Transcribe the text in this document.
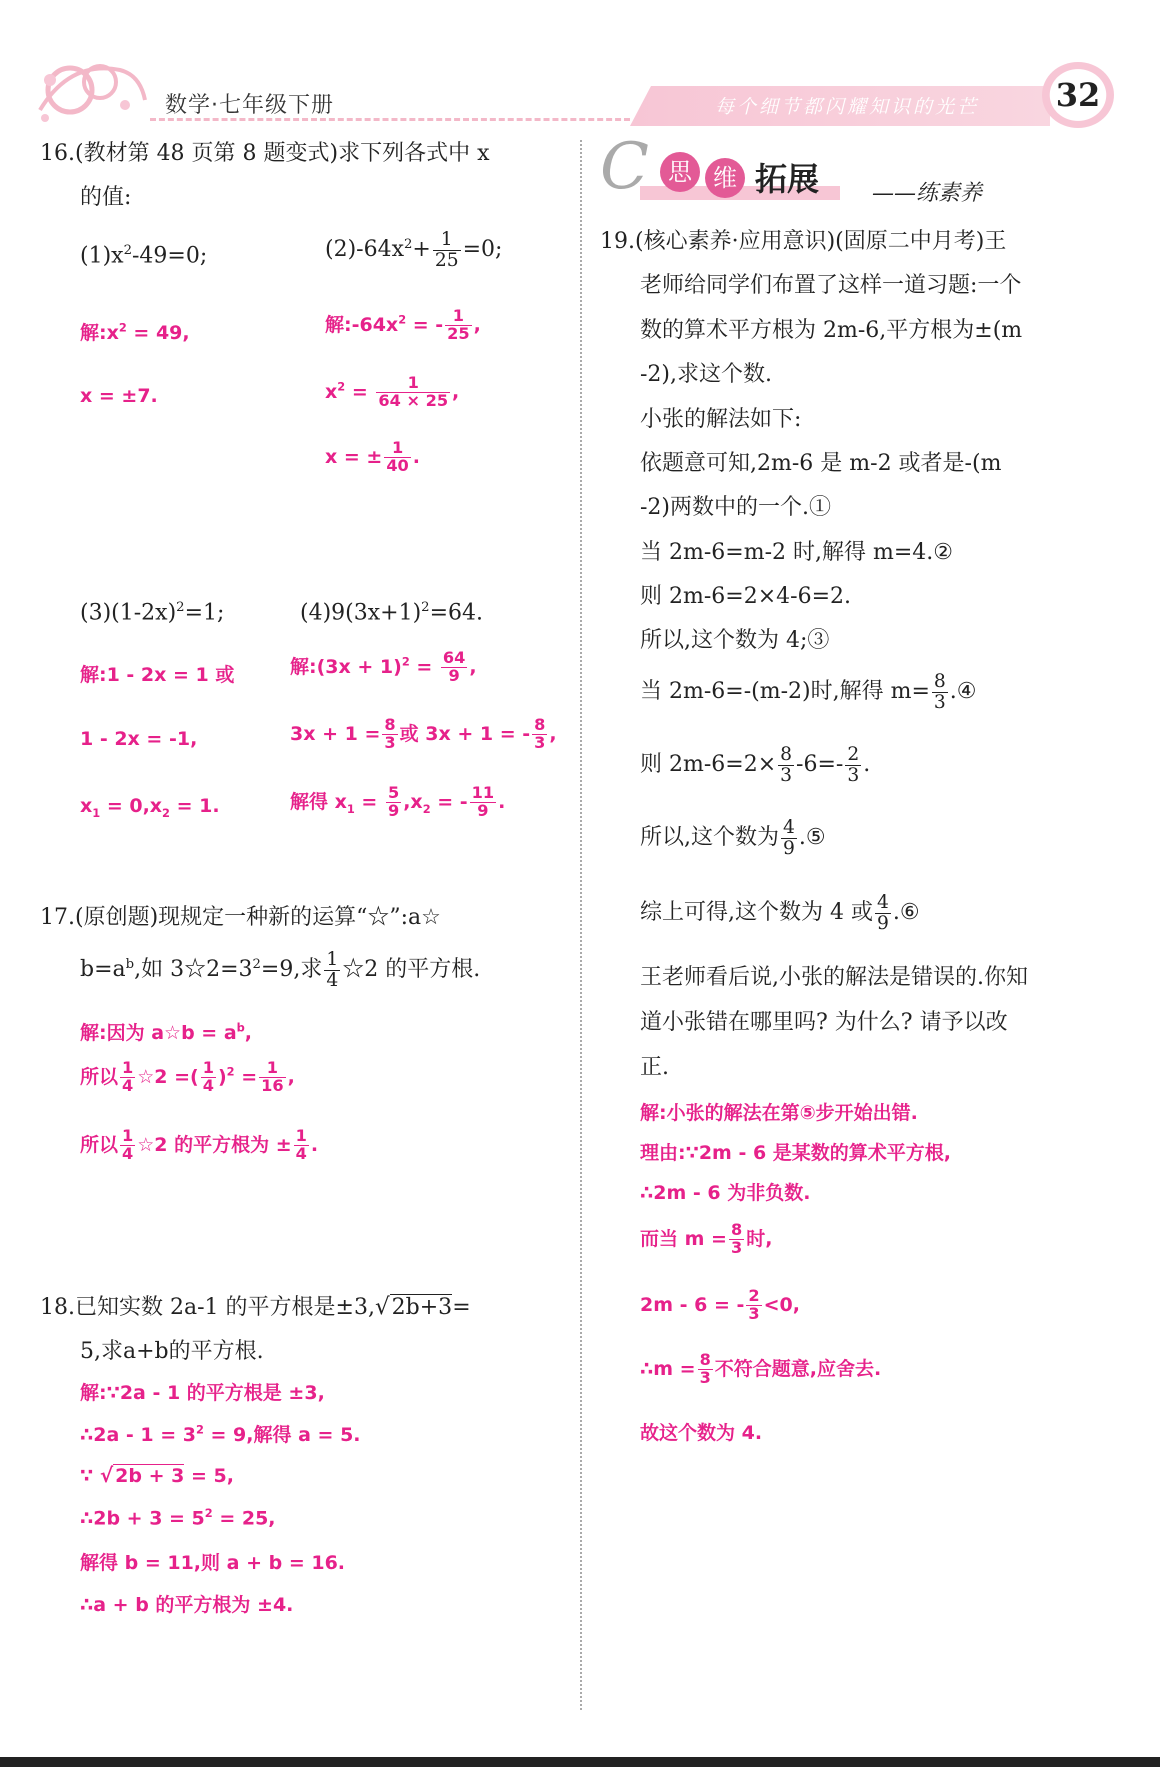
数学·七年级下册	每个细节都闪耀知识的光芒	32
C 思 维 拓展 ——练素养
16.(教材第 48 页第 8 题变式)求下列各式中 x
的值:
$(1)x^2-49=0$;	$(2)-64x^2+ \frac{1}{25} =0$;
解$:x^2 = 49$,
x = ±7.
解$:-64x^2$ = - $\frac{1}{25}$ ,
$x^2 = \frac{1}{64 \times 25}$ ,
x = ± $\frac{1}{40}$ .
$(3)(1-2x)^2=1$;	$(4)9(3x+1)^2=64$.
解:1 - 2x = 1 或
1 - 2x = -1,
$x_1 = 0,x_2 = 1$.
解:(3x + $1)^2 = \frac{64}{9}$ ,
$3x + 1 = \frac{8}{3}$ 或 3x + 1 = - $\frac{8}{3}$ ,
解得 $x_1 = \frac{5}{9} ,x_2$ = - $\frac{11}{9}$ .
17.(原创题)现规定一种新的运算“☆”:a☆
$b=a^b$,如 $3☆2=3^2=9$,求 $\frac{1}{4}$ ☆2 的平方根.
解:因为 a☆b = $a^b$,
所以 $\frac{1}{4}$ ☆2 =( $\frac{1}{4} )^2 = \frac{1}{16}$ ,
所以 $\frac{1}{4}$ ☆2 的平方根为 ± $\frac{1}{4}$ .
18.已知实数 2a-1 的平方根是±3,√2b+3=
5,求a+b的平方根.
解:∵2a - 1 的平方根是 ±3,
∴2a - $1 = 3^2 = 9$,解得 a = 5.
∵ √ 2b + 3 = 5,
∴2b + $3 = 5^2 = 25$,
解得 b = 11,则 a + b = 16.
∴a + b 的平方根为 ±4.
19.(核心素养·应用意识)(固原二中月考)王
老师给同学们布置了这样一道习题:一个
数的算术平方根为 2m-6,平方根为±(m
-2),求这个数.
小张的解法如下:
依题意可知,2m-6 是 m-2 或者是-(m
-2)两数中的一个.①
当 2m-6=m-2 时,解得 m=4.②
则 2m-6=2×4-6=2.
所以,这个数为 4;③
当 2m-6=-(m-2)时,解得 $m= \frac{8}{3}$ .④
则 $2m-6=2\times \frac{8}{3} -6=- \frac{2}{3}$ .
所以,这个数为 $\frac{4}{9}$ .⑤
综上可得,这个数为 4 或 $\frac{4}{9}$ .⑥
王老师看后说,小张的解法是错误的.你知
道小张错在哪里吗? 为什么? 请予以改
正.
解:小张的解法在第⑤步开始出错.
理由:∵2m - 6 是某数的算术平方根,
∴2m - 6 为非负数.
而当 $m = \frac{8}{3}$ 时,
2m - 6 = - $\frac{2}{3} <0$,
∴m = $\frac{8}{3}$ 不符合题意,应舍去.
故这个数为 4.
